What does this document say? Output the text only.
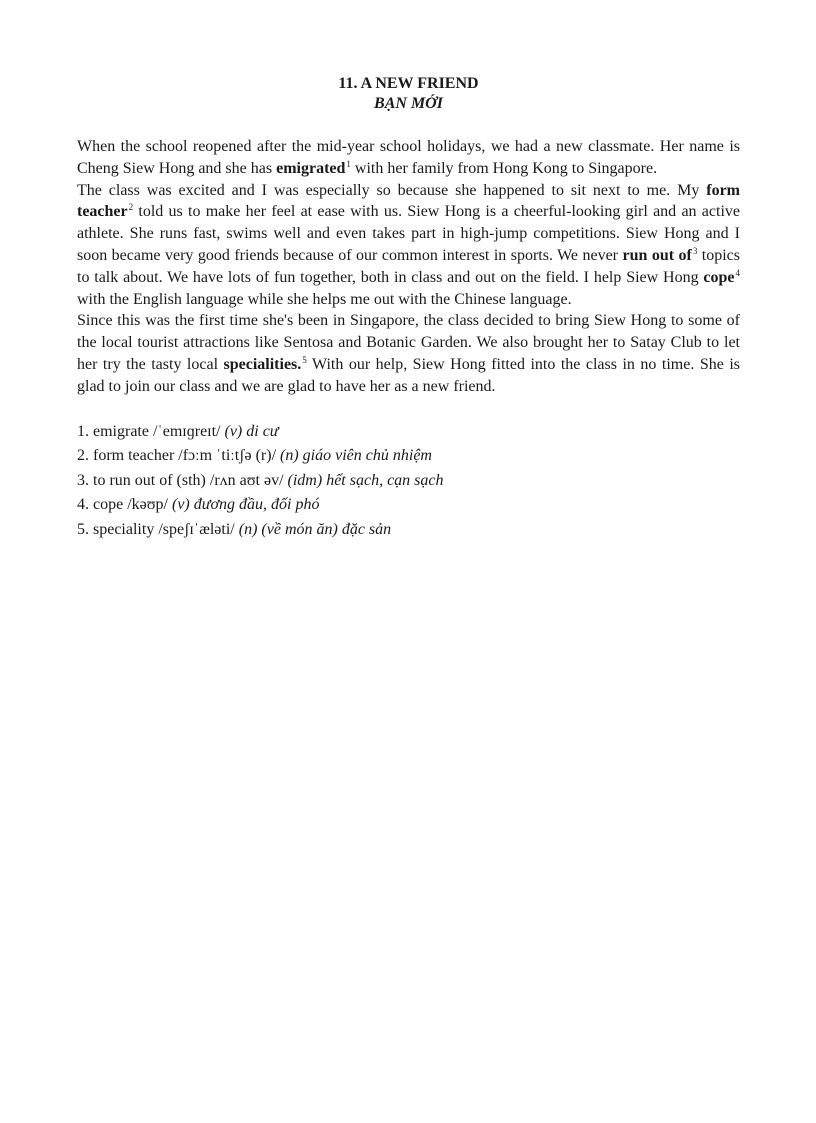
11. A NEW FRIEND
BẠN MỚI

When the school reopened after the mid-year school holidays, we had a new classmate. Her name is Cheng Siew Hong and she has emigrated$^1$ with her family from Hong Kong to Singapore.

The class was excited and I was especially so because she happened to sit next to me. My form teacher$^2$ told us to make her feel at ease with us. Siew Hong is a cheerful-looking girl and an active athlete. She runs fast, swims well and even takes part in high-jump competitions. Siew Hong and I soon became very good friends because of our common interest in sports. We never run out $of^3$ topics to talk about. We have lots of fun together, both in class and out on the field. I help Siew Hong cope$^4$ with the English language while she helps me out with the Chinese language.

Since this was the first time she's been in Singapore, the class decided to bring Siew Hong to some of the local tourist attractions like Sentosa and Botanic Garden. We also brought her to Satay Club to let her try the tasty local specialities.$^5$ With our help, Siew Hong fitted into the class in no time. She is glad to join our class and we are glad to have her as a new friend.

1. emigrate /ˈemɪɡreɪt/ (v) di cư
2. form teacher /fɔːm ˈtiːtʃə (r)/ (n) giáo viên chủ nhiệm
3. to run out of (sth) /rʌn aʊt əv/ (idm) hết sạch, cạn sạch
4. cope /kəʊp/ (v) đương đầu, đối phó
5. speciality /speʃɪˈæləti/ (n) (về món ăn) đặc sản
